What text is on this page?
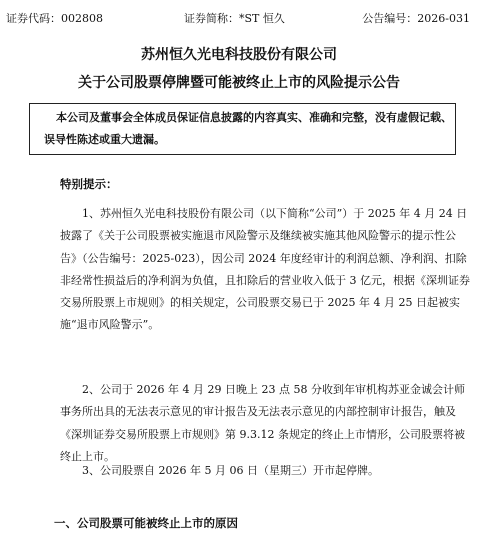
证券代码：002808	证券简称：*ST 恒久	公告编号：2026-031
苏州恒久光电科技股份有限公司
关于公司股票停牌暨可能被终止上市的风险提示公告
本公司及董事会全体成员保证信息披露的内容真实、准确和完整，没有虚假记载、误导性陈述或重大遗漏。
特别提示：
1、苏州恒久光电科技股份有限公司（以下简称“公司”）于 2025 年 4 月 24 日披露了《关于公司股票被实施退市风险警示及继续被实施其他风险警示的提示性公告》（公告编号：2025-023），因公司 2024 年度经审计的利润总额、净利润、扣除非经常性损益后的净利润为负值，且扣除后的营业收入低于 3 亿元，根据《深圳证券交易所股票上市规则》的相关规定，公司股票交易已于 2025 年 4 月 25 日起被实施“退市风险警示”。
2、公司于 2026 年 4 月 29 日晚上 23 点 58 分收到年审机构苏亚金诚会计师事务所出具的无法表示意见的审计报告及无法表示意见的内部控制审计报告，触及《深圳证券交易所股票上市规则》第 9.3.12 条规定的终止上市情形，公司股票将被终止上市。
3、公司股票自 2026 年 5 月 06 日（星期三）开市起停牌。
一、公司股票可能被终止上市的原因
